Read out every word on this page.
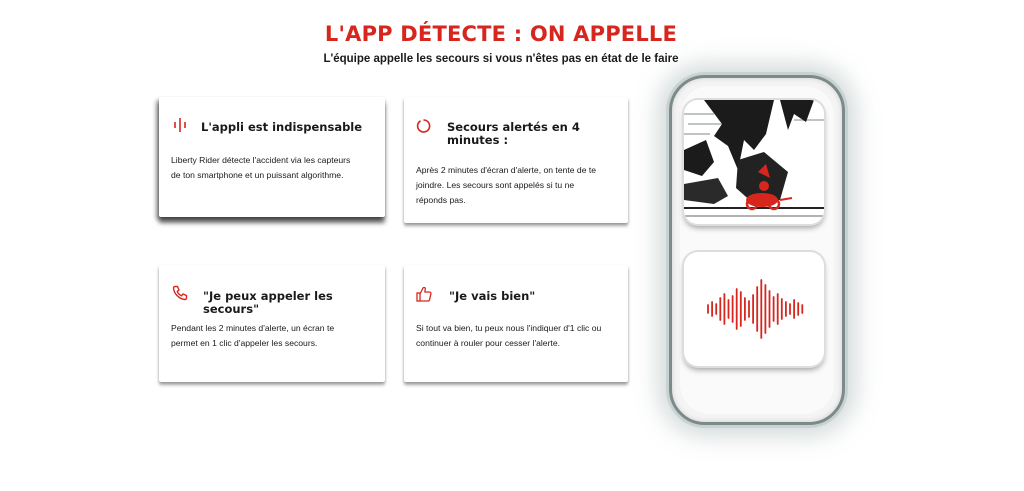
L'APP DÉTECTE : ON APPELLE
L'équipe appelle les secours si vous n'êtes pas en état de le faire
L'appli est indispensable
Liberty Rider détecte l'accident via les capteurs
de ton smartphone et un puissant algorithme.
Secours alertés en 4
minutes :
Après 2 minutes d'écran d'alerte, on tente de te
joindre. Les secours sont appelés si tu ne
réponds pas.
"Je peux appeler les secours"
Pendant les 2 minutes d'alerte, un écran te
permet en 1 clic d'appeler les secours.
"Je vais bien"
Si tout va bien, tu peux nous l'indiquer d'1 clic ou
continuer à rouler pour cesser l'alerte.
